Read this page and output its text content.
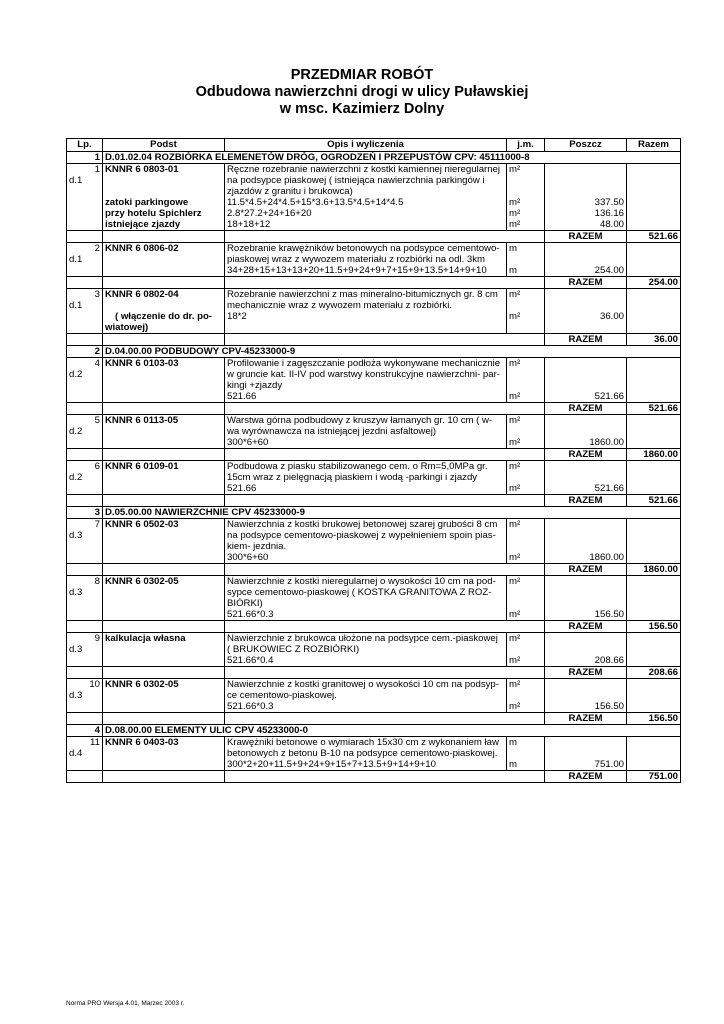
PRZEDMIAR ROBÓT
Odbudowa nawierzchni drogi w ulicy Puławskiej
w msc. Kazimierz Dolny
Lp.	Podst	Opis i wyliczenia	j.m.	Poszcz	Razem
1	D.01.02.04 ROZBIÓRKA ELEMENETÓW DRÓG, OGRODZEŃ I PRZEPUSTÓW CPV: 45111000-8				
1	KNNR 6 0803-01	Ręczne rozebranie nawierzchni z kostki kamiennej nieregularnej	m²		
d.1		na podsypce piaskowej ( istniejąca nawierzchnia parkingów i			
		zjazdów z granitu i brukowca)			
	zatoki parkingowe	11.5*4.5+24*4.5+15*3.6+13.5*4.5+14*4.5	m²	337.50	
	przy hotelu Spichlerz	2.8*27.2+24+16+20	m²	136.16	
	istniejące zjazdy	18+18+12	m²	48.00	
				RAZEM	521.66
2	KNNR 6 0806-02	Rozebranie krawężników betonowych na podsypce cementowo-	m		
d.1		piaskowej wraz z wywozem materiału z rozbiórki na odl. 3km			
		34+28+15+13+13+20+11.5+9+24+9+7+15+9+13.5+14+9+10	m	254.00	
				RAZEM	254.00
3	KNNR 6 0802-04	Rozebranie nawierzchni z mas mineralno-bitumicznych gr. 8 cm	m²		
d.1		mechanicznie wraz z wywozem materiału z rozbiórki.			
	( włączenie do dr. po-	18*2	m²	36.00	
	wiatowej)				
				RAZEM	36.00
2	D.04.00.00 PODBUDOWY CPV-45233000-9				
4	KNNR 6 0103-03	Profilowanie i zagęszczanie podłoża wykonywane mechanicznie	m²		
d.2		w gruncie kat. II-IV pod warstwy konstrukcyjne nawierzchni- par-			
		kingi +zjazdy			
		521.66	m²	521.66	
				RAZEM	521.66
5	KNNR 6 0113-05	Warstwa górna podbudowy z kruszyw łamanych gr. 10 cm ( w-	m²		
d.2		wa wyrównawcza na istniejącej jezdni asfaltowej)			
		300*6+60	m²	1860.00	
				RAZEM	1860.00
6	KNNR 6 0109-01	Podbudowa z piasku stabilizowanego cem. o Rm=5,0MPa gr.	m²		
d.2		15cm wraz z pielęgnacją piaskiem i wodą -parkingi i zjazdy			
		521.66	m²	521.66	
				RAZEM	521.66
3	D.05.00.00 NAWIERZCHNIE CPV 45233000-9				
7	KNNR 6 0502-03	Nawierzchnia z kostki brukowej betonowej szarej grubości 8 cm	m²		
d.3		na podsypce cementowo-piaskowej z wypełnieniem spoin pias-			
		kiem- jezdnia.			
		300*6+60	m²	1860.00	
				RAZEM	1860.00
8	KNNR 6 0302-05	Nawierzchnie z kostki nieregularnej o wysokości 10 cm na pod-	m²		
d.3		sypce cementowo-piaskowej ( KOSTKA GRANITOWA Z ROZ-			
		BIÓRKI)			
		521.66*0.3	m²	156.50	
				RAZEM	156.50
9	kalkulacja własna	Nawierzchnie z brukowca ułożone na podsypce cem.-piaskowej	m²		
d.3		( BRUKOWIEC Z ROZBIÓRKI)			
		521.66*0.4	m²	208.66	
				RAZEM	208.66
10	KNNR 6 0302-05	Nawierzchnie z kostki granitowej o wysokości 10 cm na podsyp-	m²		
d.3		ce cementowo-piaskowej.			
		521.66*0.3	m²	156.50	
				RAZEM	156.50
4	D.08.00.00 ELEMENTY ULIC CPV 45233000-0				
11	KNNR 6 0403-03	Krawężniki betonowe o wymiarach 15x30 cm z wykonaniem ław	m		
d.4		betonowych z betonu B-10 na podsypce cementowo-piaskowej.			
		300*2+20+11.5+9+24+9+15+7+13.5+9+14+9+10	m	751.00	
				RAZEM	751.00
Norma PRO Wersja 4.01, Marzec 2003 r.
